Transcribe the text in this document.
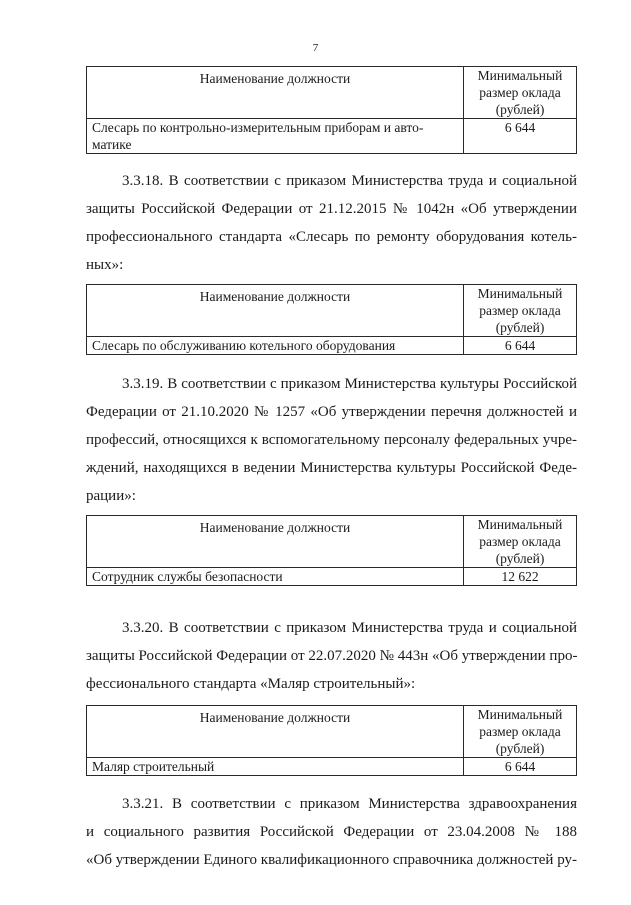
7
Наименование должности	Минимальный
размер оклада
(рублей)

Слесарь по контрольно-измерительным приборам и авто-
матике	6 644
3.3.18. В соответствии с приказом Министерства труда и социальной
защиты Российской Федерации от 21.12.2015 № 1042н «Об утверждении
профессионального стандарта «Слесарь по ремонту оборудования котель-
ных»:
Наименование должности	Минимальный
размер оклада
(рублей)

Слесарь по обслуживанию котельного оборудования	6 644
3.3.19. В соответствии с приказом Министерства культуры Российской
Федерации от 21.10.2020 № 1257 «Об утверждении перечня должностей и
профессий, относящихся к вспомогательному персоналу федеральных учре-
ждений, находящихся в ведении Министерства культуры Российской Феде-
рации»:
Наименование должности	Минимальный
размер оклада
(рублей)

Сотрудник службы безопасности	12 622
3.3.20. В соответствии с приказом Министерства труда и социальной
защиты Российской Федерации от 22.07.2020 № 443н «Об утверждении про-
фессионального стандарта «Маляр строительный»:
Наименование должности	Минимальный
размер оклада
(рублей)

Маляр строительный	6 644
3.3.21. В соответствии с приказом Министерства здравоохранения
и социального развития Российской Федерации от 23.04.2008 № 188
«Об утверждении Единого квалификационного справочника должностей ру-
